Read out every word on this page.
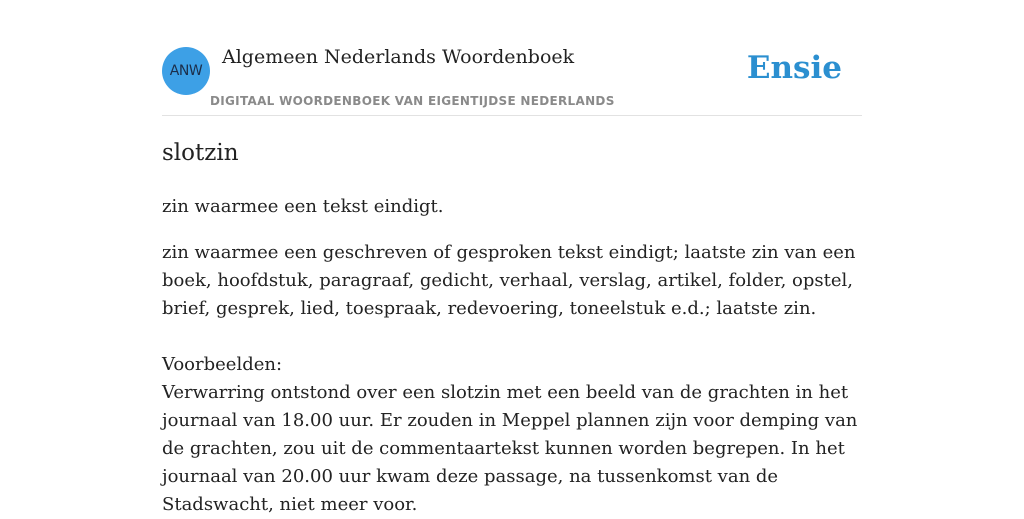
ANW
Algemeen Nederlands Woordenboek
DIGITAAL WOORDENBOEK VAN EIGENTIJDSE NEDERLANDS
Ensie
slotzin

zin waarmee een tekst eindigt.

zin waarmee een geschreven of gesproken tekst eindigt; laatste zin van een boek, hoofdstuk, paragraaf, gedicht, verhaal, verslag, artikel, folder, opstel, brief, gesprek, lied, toespraak, redevoering, toneelstuk e.d.; laatste zin.

Voorbeelden:

Verwarring ontstond over een slotzin met een beeld van de grachten in het journaal van 18.00 uur. Er zouden in Meppel plannen zijn voor demping van de grachten, zou uit de commentaartekst kunnen worden begrepen. In het journaal van 20.00 uur kwam deze passage, na tussenkomst van de Stadswacht, niet meer voor.
